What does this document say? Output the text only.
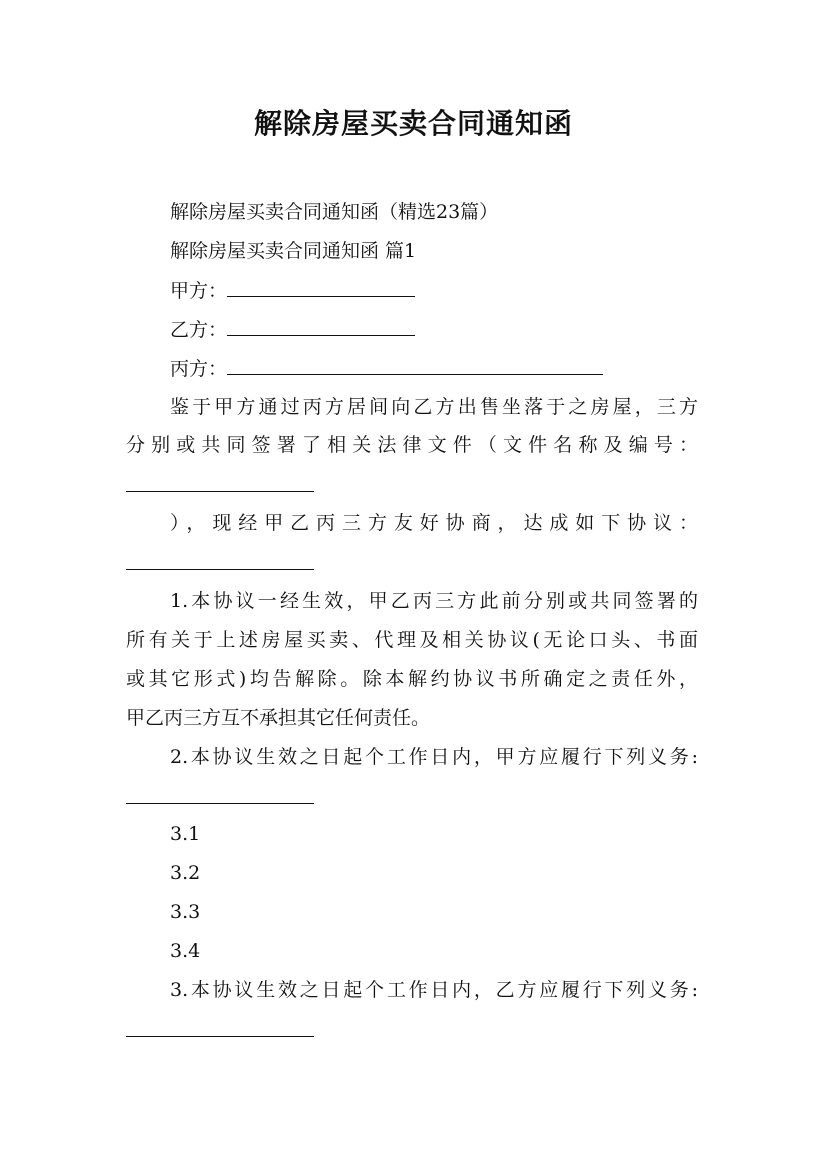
解除房屋买卖合同通知函
解除房屋买卖合同通知函（精选23篇）
解除房屋买卖合同通知函 篇1
甲方：
乙方：
丙方：
鉴于甲方通过丙方居间向乙方出售坐落于之房屋，三方
分别或共同签署了相关法律文件（文件名称及编号：
），现经甲乙丙三方友好协商，达成如下协议：
1.本协议一经生效，甲乙丙三方此前分别或共同签署的
所有关于上述房屋买卖、代理及相关协议(无论口头、书面
或其它形式)均告解除。除本解约协议书所确定之责任外，
甲乙丙三方互不承担其它任何责任。
2.本协议生效之日起个工作日内，甲方应履行下列义务:
3.1
3.2
3.3
3.4
3.本协议生效之日起个工作日内，乙方应履行下列义务:
